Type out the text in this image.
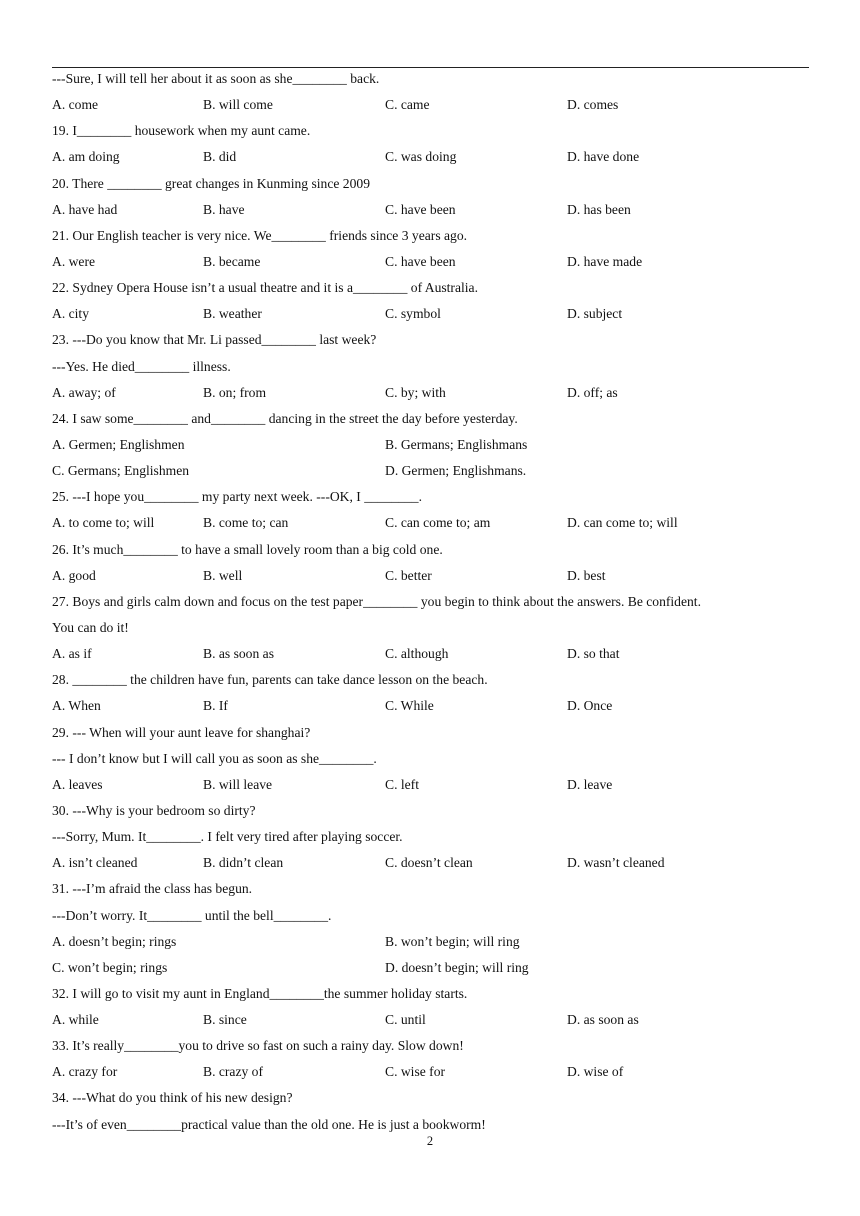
---Sure, I will tell her about it as soon as she________ back.
A. come	B. will come	C. came	D. comes
19. I________ housework when my aunt came.
A. am doing	B. did	C. was doing	D. have done
20. There ________ great changes in Kunming since 2009
A. have had	B. have	C. have been	D. has been
21. Our English teacher is very nice. We________ friends since 3 years ago.
A. were	B. became	C. have been	D. have made
22. Sydney Opera House isn’t a usual theatre and it is a________ of Australia.
A. city	B. weather	C. symbol	D. subject
23. ---Do you know that Mr. Li passed________ last week?
---Yes. He died________ illness.
A. away; of	B. on; from	C. by; with	D. off; as
24. I saw some________ and________ dancing in the street the day before yesterday.
A. Germen; Englishmen	B. Germans; Englishmans
C. Germans; Englishmen	D. Germen; Englishmans.
25. ---I hope you________ my party next week. ---OK, I ________.
A. to come to; will	B. come to; can	C. can come to; am	D. can come to; will
26. It’s much________ to have a small lovely room than a big cold one.
A. good	B. well	C. better	D. best
27. Boys and girls calm down and focus on the test paper________ you begin to think about the answers. Be confident.
You can do it!
A. as if	B. as soon as	C. although	D. so that
28. ________ the children have fun, parents can take dance lesson on the beach.
A. When	B. If	C. While	D. Once
29. --- When will your aunt leave for shanghai?
--- I don’t know but I will call you as soon as she________.
A. leaves	B. will leave	C. left	D. leave
30. ---Why is your bedroom so dirty?
---Sorry, Mum. It________. I felt very tired after playing soccer.
A. isn’t cleaned	B. didn’t clean	C. doesn’t clean	D. wasn’t cleaned
31. ---I’m afraid the class has begun.
---Don’t worry. It________ until the bell________.
A. doesn’t begin; rings	B. won’t begin; will ring
C. won’t begin; rings	D. doesn’t begin; will ring
32. I will go to visit my aunt in England________the summer holiday starts.
A. while	B. since	C. until	D. as soon as
33. It’s really________you to drive so fast on such a rainy day. Slow down!
A. crazy for	B. crazy of	C. wise for	D. wise of
34. ---What do you think of his new design?
---It’s of even________practical value than the old one. He is just a bookworm!
2
